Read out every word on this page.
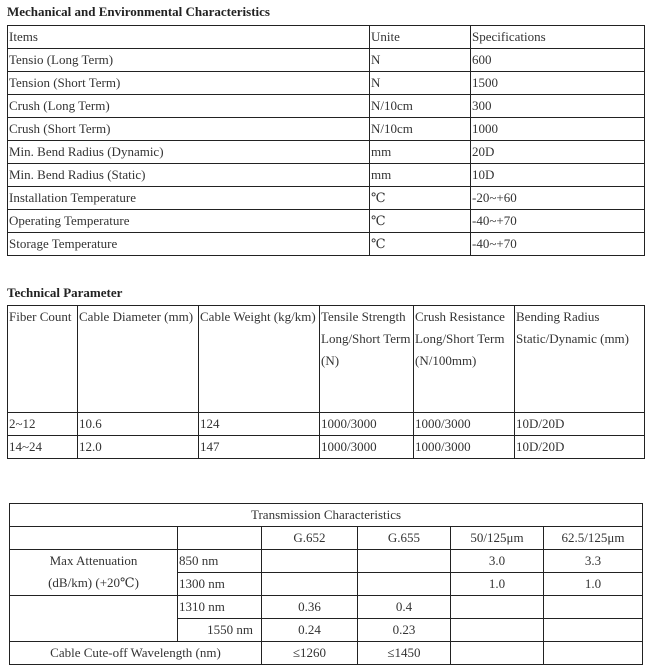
Mechanical and Environmental Characteristics
Items	Unite	Specifications
Tensio (Long Term)	N	600
Tension (Short Term)	N	1500
Crush (Long Term)	N/10cm	300
Crush (Short Term)	N/10cm	1000
Min. Bend Radius (Dynamic)	mm	20D
Min. Bend Radius (Static)	mm	10D
Installation Temperature	℃	-20~+60
Operating Temperature	℃	-40~+70
Storage Temperature	℃	-40~+70
Technical Parameter
Fiber Count	Cable Diameter (mm)	Cable Weight (kg/km)	Tensile Strength Long/Short Term (N)	Crush Resistance Long/Short Term (N/100mm)	Bending Radius Static/Dynamic (mm)
2~12	10.6	124	1000/3000	1000/3000	10D/20D
14~24	12.0	147	1000/3000	1000/3000	10D/20D
Transmission Characteristics					
		G.652	G.655	50/125μm	62.5/125μm

Max Attenuation
(dB/km) (+20℃)	850 nm			3.0	3.3
	1300 nm			1.0	1.0
	1310 nm	0.36	0.4		
	1550 nm	0.24	0.23		
Cable Cute-off Wavelength (nm)		≤1260	≤1450		
